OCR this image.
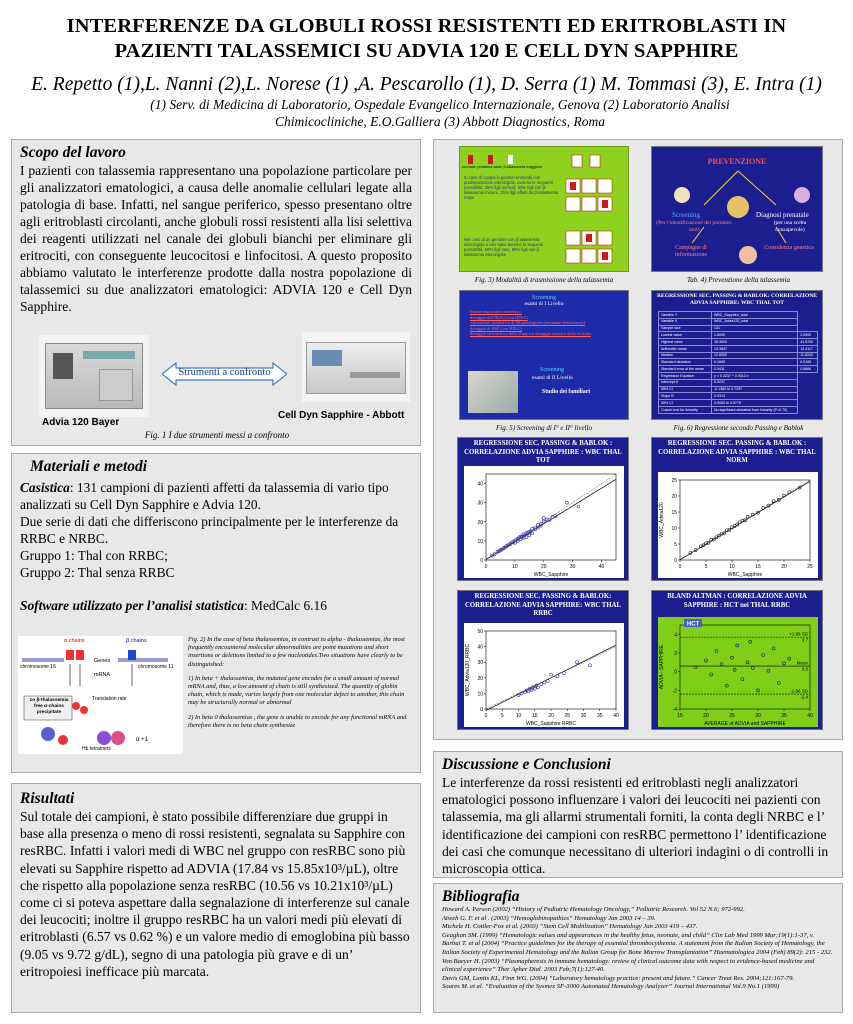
INTERFERENZE DA GLOBULI ROSSI RESISTENTI ED ERITROBLASTI IN
PAZIENTI TALASSEMICI SU ADVIA 120 E CELL DYN SAPPHIRE
E. Repetto (1),L. Nanni (2),L. Norese (1) ,A. Pescarollo (1), D. Serra (1) M. Tommasi (3), E. Intra (1)
(1) Serv. di Medicina di Laboratorio, Ospedale Evangelico Internazionale, Genova (2) Laboratorio Analisi
Chimicocliniche, E.O.Galliera (3) Abbott Diagnostics, Roma
Scopo del lavoro

I pazienti con talassemia rappresentano una popolazione particolare per gli analizzatori ematologici, a causa delle anomalie cellulari legate alla patologia di base. Infatti, nel sangue periferico, spesso presentano oltre agli eritroblasti circolanti, anche globuli rossi resistenti alla lisi selettiva dei reagenti utilizzati nel canale dei globuli bianchi per eliminare gli eritrociti, con conseguente leucocitosi e linfocitosi. A questo proposito abbiamo valutato le interferenze prodotte dalla nostra popolazione di talassemici su due analizzatori ematologici: ADVIA 120 e Cell Dyn Sapphire.

Advia 120 Bayer
Strumenti a confronto
Cell Dyn Sapphire - Abbott
Fig. 1 I due strumenti messi a confronto
Materiali e metodi
Casistica: 131 campioni di pazienti affetti da talassemia di vario tipo analizzati su Cell Dyn Sapphire e Advia 120.
Due serie di dati che differiscono principalmente per le interferenze da RRBC e NRBC.
Gruppo 1: Thal con RRBC;
Gruppo 2: Thal senza RRBC
Software utilizzato per l’analisi statistica: MedCalc 6.16
α +1
α chains	β chains
chromosome 16	chromosome 11
Genes
mRNA
1o β-thalassemia free α-chains precipitate
Translation rate
Hb tetramers

Fig. 2) In the case of beta thalassemias, in contrast to alpha - thalassemias, the most frequently encountered molecular abnormalities are point mutations and short insertions or deletions limited to a few nucleotides.Two situations have clearly to be distinguished:

1) In beta + thalassemias, the mutated gene encodes for a small amount of normal mRNA and, thus, a low amount of chain is still synthesized. The quantity of globin chain, which is made, varies largely from one molecular defect to another, this chain may be structurally normal or abnormal

2) In beta 0 thalassemias , the gene is unable to encode for any functional mRNA and therefore there is no beta chain synthesize

Risultati

Sul totale dei campioni, è stato possibile differenziare due gruppi in base alla presenza o meno di rossi resistenti, segnalata su Sapphire con resRBC. Infatti i valori medi di WBC nel gruppo con resRBC sono più elevati su Sapphire rispetto ad ADVIA (17.84 vs 15.85x10³/µL), oltre che rispetto alla popolazione senza resRBC (10.56 vs 10.21x10³/µL) come ci si poteva aspettare dalla segnalazione di interferenze sul canale dei leucociti; inoltre il gruppo resRBC ha un valori medi più elevati di eritroblasti (6.57 vs 0.62 %) e un valore medio di emoglobina più basso (9.05 vs 9.72 g/dL), segno di una patologia più grave e di un’ eritropoiesi inefficace più marcata.

normale portatore sano β-talassemia maggiore
In caso di coppia in genitori entrambi con predisposizione eterozigote, avremo le seguenti possibilità: 25% figli normali, 50% figli con β-talassemia minore, 25% figli affetti da β-talassemia major
Nel caso di un genitore con β talassemia eterozigote e uno sano avremo le seguenti possibilità: 50% figli sani, 50% figli con β talassemia eterozigote
Fig. 3) Modalità di trasmissione della talassemia
PREVENZIONE
Screening
(Per l'identificazione dei portatori sani)
Diagnosi prenatale
(per una scelta consapevole)
Campagne di informazione
Consulenza genetica
Tab. 4) Prevenzione della talassemia
Screening
esami di I Livello
Esame emocromocitometrico
dosaggio dell'HbA2 (con HPLC)
valutazione qualitativa di Hb patologiche (mediante elettroforesi)
dosaggio di HbF (con HPLC)
dosaggio sierimetrico della Zapp e/o dosaggio ematico della ferritina
Screening
esami di II Livello
Studio dei familiari
Fig. 5) Screening di I° e II° livello
REGRESSIONE SEC. PASSING & BABLOK: CORRELAZIONE ADVIA SAPPHIRE: WBC THAL TOT
Variable Y	WBC_Sapphire_total	
Variable X	WBC_Advia120_total	
Sample size	131	
Lowest value	1.8000	2.0000
Highest value	38.3000	41.5700
Arithmetic mean	13.3847	13.4117
Median	12.6000	11.8300
Standard deviation	6.1665	6.5165
Standard error of the mean	0.5411	0.5666
Regression Equation	y = 0.3237 + 0.9313 x	
Intercept A	0.3237	
95% CI	-0.1360 to 0.7297	
Slope B	0.9313	
95% CI	0.9000 to 0.9775	
Cusum test for linearity	No significant deviation from linearity (P=0.70)	
Fig. 6) Regressione secondo Passing e Bablok
REGRESSIONE SEC. PASSING & BABLOK : CORRELAZIONE ADVIA SAPPHIRE : WBC THAL TOT
0	10	20	30	40
0
10
20
30
40
WBC_Sapphire
REGRESSIONE SEC. PASSING & BABLOK : CORRELAZIONE ADVIA SAPPHIRE : WBC THAL NORM
0	5	10	15	20	25
0
5
10
15
20
25
WBC_Sapphire
WBC_Advia120
REGRESSIONE SEC. PASSING & BABLOK: CORRELAZIONE ADVIA SAPPHIRE: WBC THAL RRBC
0	5 10 15 20 25 30 35 40
0
10
20
30
40
50
WBC_Sapphire RRBC
WBC_Advia120_RRBC
BLAND ALTMAN : CORRELAZIONE ADVIA SAPPHIRE : HCT nei THAL RRBC
15	20	25	30	35	40
-4
-2
0
2
4
AVERAGE of ADVIA and SAPPHIRE
ADVIA - SAPPHIRE
+1.96 SD
3.7
Mean
0.6
-1.96 SD
-2.4
HCT
Discussione e Conclusioni

Le interferenze da rossi resistenti ed eritroblasti negli analizzatori ematologici possono influenzare i valori dei leucociti nei pazienti con talassemia, ma gli allarmi strumentali forniti, la conta degli NRBC e l’ identificazione dei campioni con resRBC permettono l’ identificazione dei casi che comunque necessitano di ulteriori indagini o di controlli in microscopia ottica.

Bibliografia

Howard A. Person (2002) “History of Pediatric Hematology Oncology,” Pediatric Research. Vol 52 N.6; 972-992.

Atweh G. F. et al . (2003) “Hemoglobinopathies” Hematology Jan 2003 14 – 39.

Michele H. Cottler-Fox et al. (2003) “Stem Cell Mobilization” Hematology Jan 2003 419 – 437.

Geaghan SM. (1999) “Hematologic values and appearances in the healthy fetus, neonate, and child” Clin Lab Med 1999 Mar;19(1):1-37, v.

Barbui T. et al (2004) “Practice guidelines for the therapy of essential thrombocythemia. A statement from the Italian Society of Hematology, the Italian Society of Experimental Hematology and the Italian Group for Bone Marrow Transplantation” Haematologica 2004 (Feb) 89(2): 215 - 232.

Von Baeyer H. (2003) “Plasmapheresis in immune hematology: review of clinical outcome data with respect to evidence-based medicine and clinical experience” Ther Apher Dial. 2003 Feb;7(1):127-40.

Davis GM, Lantis KL, Finn WG. (2004) “Laboratory hematology practice: present and future.” Cancer Treat Res. 2004;121:167-79.

Soares M. et al. “Evaluation of the Sysmex SF-3000 Automated Hematology Analyzer” Journal International Vol.9 No.1 (1999)
